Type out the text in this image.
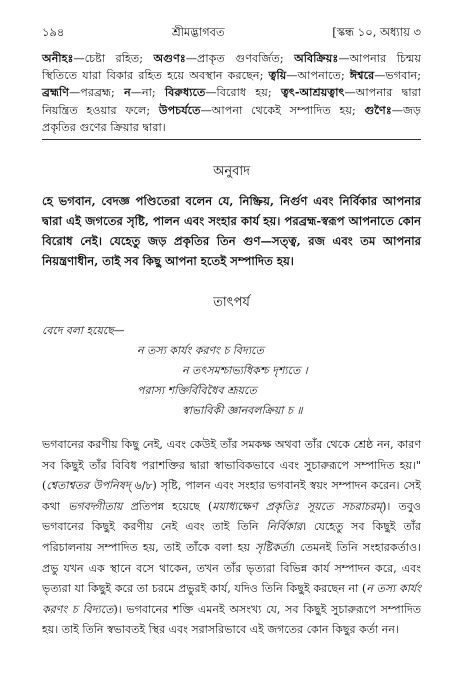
১৯৪	শ্রীমদ্ভাগবত	[স্কন্ধ ১০, অধ্যায় ৩
অনীহঃ—চেষ্টা রহিত; অগুণঃ—প্রাকৃত গুণবর্জিত; অবিক্রিয়ঃ—আপনার চিন্ময় স্থিতিতে যারা বিকার রহিত হয়ে অবস্থান করছেন; ত্বয়ি—আপনাতে; ঈশ্বরে—ভগবান; ব্রহ্মণি—পরব্রহ্ম; ন—না; বিরুধ্যতে—বিরোধ হয়; ত্বৎ-আশ্রয়ত্বাৎ—আপনার দ্বারা নিয়ন্ত্রিত হওয়ার ফলে; উপচর্যতে—আপনা থেকেই সম্পাদিত হয়; গুণৈঃ—জড় প্রকৃতির গুণের ক্রিয়ার দ্বারা।
অনুবাদ
হে ভগবান, বেদজ্ঞ পণ্ডিতেরা বলেন যে, নিষ্ক্রিয়, নির্গুণ এবং নির্বিকার আপনার দ্বারা এই জগতের সৃষ্টি, পালন এবং সংহার কার্য হয়। পরব্রহ্ম-স্বরূপ আপনাতে কোন বিরোধ নেই। যেহেতু জড় প্রকৃতির তিন গুণ—সত্ত্ব, রজ এবং তম আপনার নিয়ন্ত্রণাধীন, তাই সব কিছু আপনা হতেই সম্পাদিত হয়।
তাৎপর্য
বেদে বলা হয়েছে—
ন তস্য কার্যং করণং চ বিদ্যতে
ন তৎসমশ্চাভ্যধিকশ্চ দৃশ্যতে ।
পরাস্য শক্তির্বিবিধৈব শ্রূয়তে
স্বাভাবিকী জ্ঞানবলক্রিয়া চ ॥
ভগবানের করণীয় কিছু নেই, এবং কেউই তাঁর সমকক্ষ অথবা তাঁর থেকে শ্রেষ্ঠ নন, কারণ সব কিছুই তাঁর বিবিধ পরাশক্তির দ্বারা স্বাভাবিকভাবে এবং সুচারুরূপে সম্পাদিত হয়।" (শ্বেতাশ্বতর উপনিষদ্ ৬/৮) সৃষ্টি, পালন এবং সংহার ভগবানই স্বয়ং সম্পাদন করেন। সেই কথা ভগবদ্গীতায় প্রতিপন্ন হয়েছে (ময়াধ্যক্ষেণ প্রকৃতিঃ সূয়তে সচরাচরম্)। তবুও ভগবানের কিছুই করণীয় নেই এবং তাই তিনি নির্বিকার। যেহেতু সব কিছুই তাঁর পরিচালনায় সম্পাদিত হয়, তাই তাঁকে বলা হয় সৃষ্টিকর্তা। তেমনই তিনি সংহারকর্তাও। প্রভু যখন এক স্থানে বসে থাকেন, তখন তাঁর ভৃত্যরা বিভিন্ন কার্য সম্পাদন করে, এবং ভৃত্যরা যা কিছুই করে তা চরমে প্রভুরই কার্য, যদিও তিনি কিছুই করছেন না (ন তস্য কার্যং করণং চ বিদ্যতে)। ভগবানের শক্তি এমনই অসংখ্য যে, সব কিছুই সুচারুরূপে সম্পাদিত হয়। তাই তিনি স্বভাবতই স্থির এবং সরাসরিভাবে এই জগতের কোন কিছুর কর্তা নন।
